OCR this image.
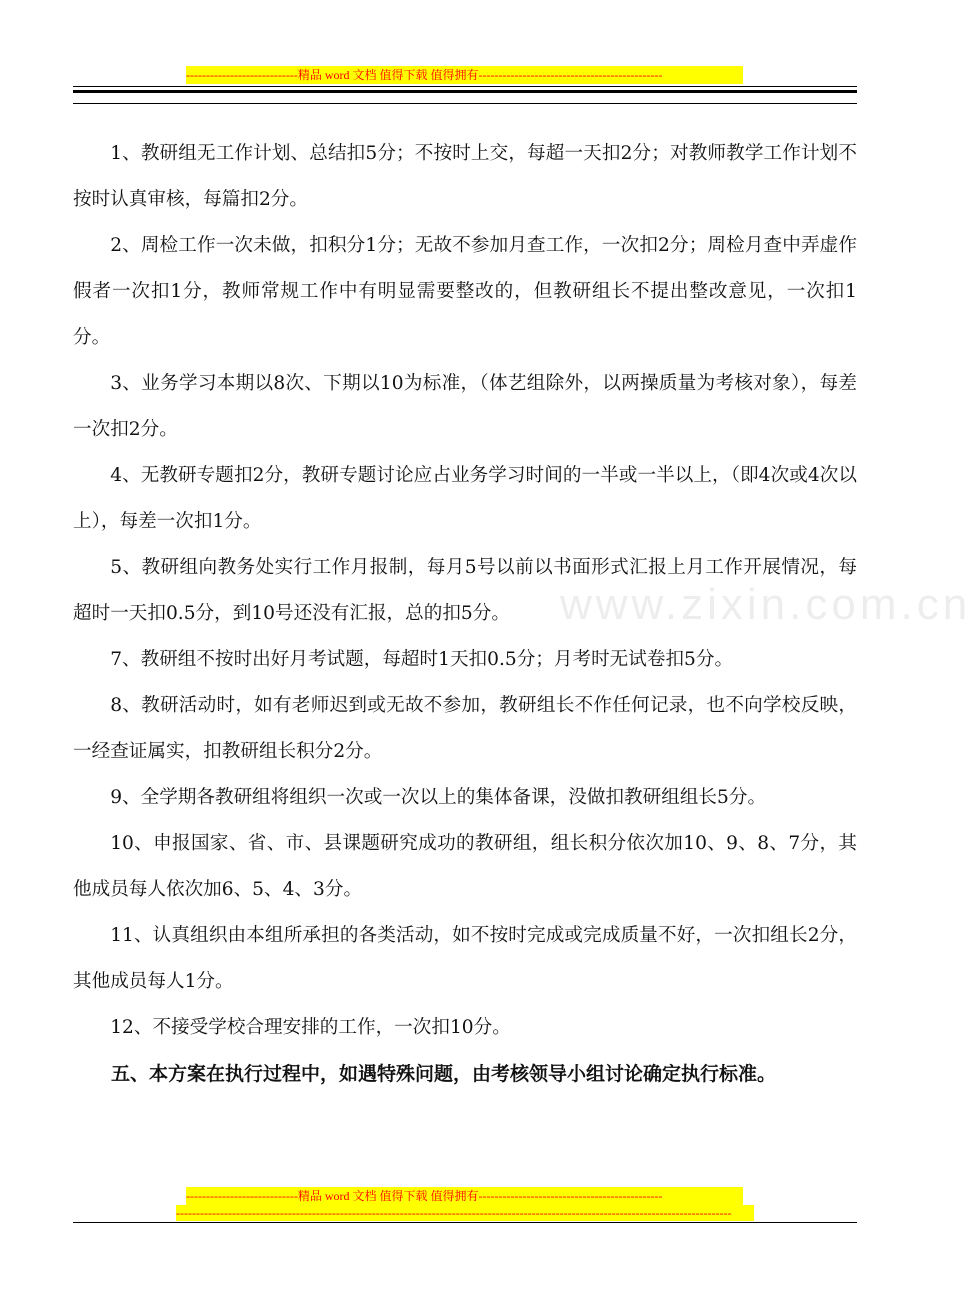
----------------------------精品 word 文档 值得下载 值得拥有----------------------------------------------
www.zixin.com.cn

1、教研组无工作计划、总结扣5分；不按时上交，每超一天扣2分；对教师教学工作计划不按时认真审核，每篇扣2分。

2、周检工作一次未做，扣积分1分；无故不参加月查工作，一次扣2分；周检月查中弄虚作假者一次扣1分，教师常规工作中有明显需要整改的，但教研组长不提出整改意见，一次扣1分。

3、业务学习本期以8次、下期以10为标准，（体艺组除外，以两操质量为考核对象），每差一次扣2分。

4、无教研专题扣2分，教研专题讨论应占业务学习时间的一半或一半以上，（即4次或4次以上），每差一次扣1分。

5、教研组向教务处实行工作月报制，每月5号以前以书面形式汇报上月工作开展情况，每超时一天扣0.5分，到10号还没有汇报，总的扣5分。

7、教研组不按时出好月考试题，每超时1天扣0.5分；月考时无试卷扣5分。

8、教研活动时，如有老师迟到或无故不参加，教研组长不作任何记录，也不向学校反映，一经查证属实，扣教研组长积分2分。

9、全学期各教研组将组织一次或一次以上的集体备课，没做扣教研组组长5分。

10、申报国家、省、市、县课题研究成功的教研组，组长积分依次加10、9、8、7分，其他成员每人依次加6、5、4、3分。

11、认真组织由本组所承担的各类活动，如不按时完成或完成质量不好，一次扣组长2分，其他成员每人1分。

12、不接受学校合理安排的工作，一次扣10分。

五、本方案在执行过程中，如遇特殊问题，由考核领导小组讨论确定执行标准。

----------------------------精品 word 文档 值得下载 值得拥有----------------------------------------------
-------------------------------------------------------------------------------------------------------------------------------------------
